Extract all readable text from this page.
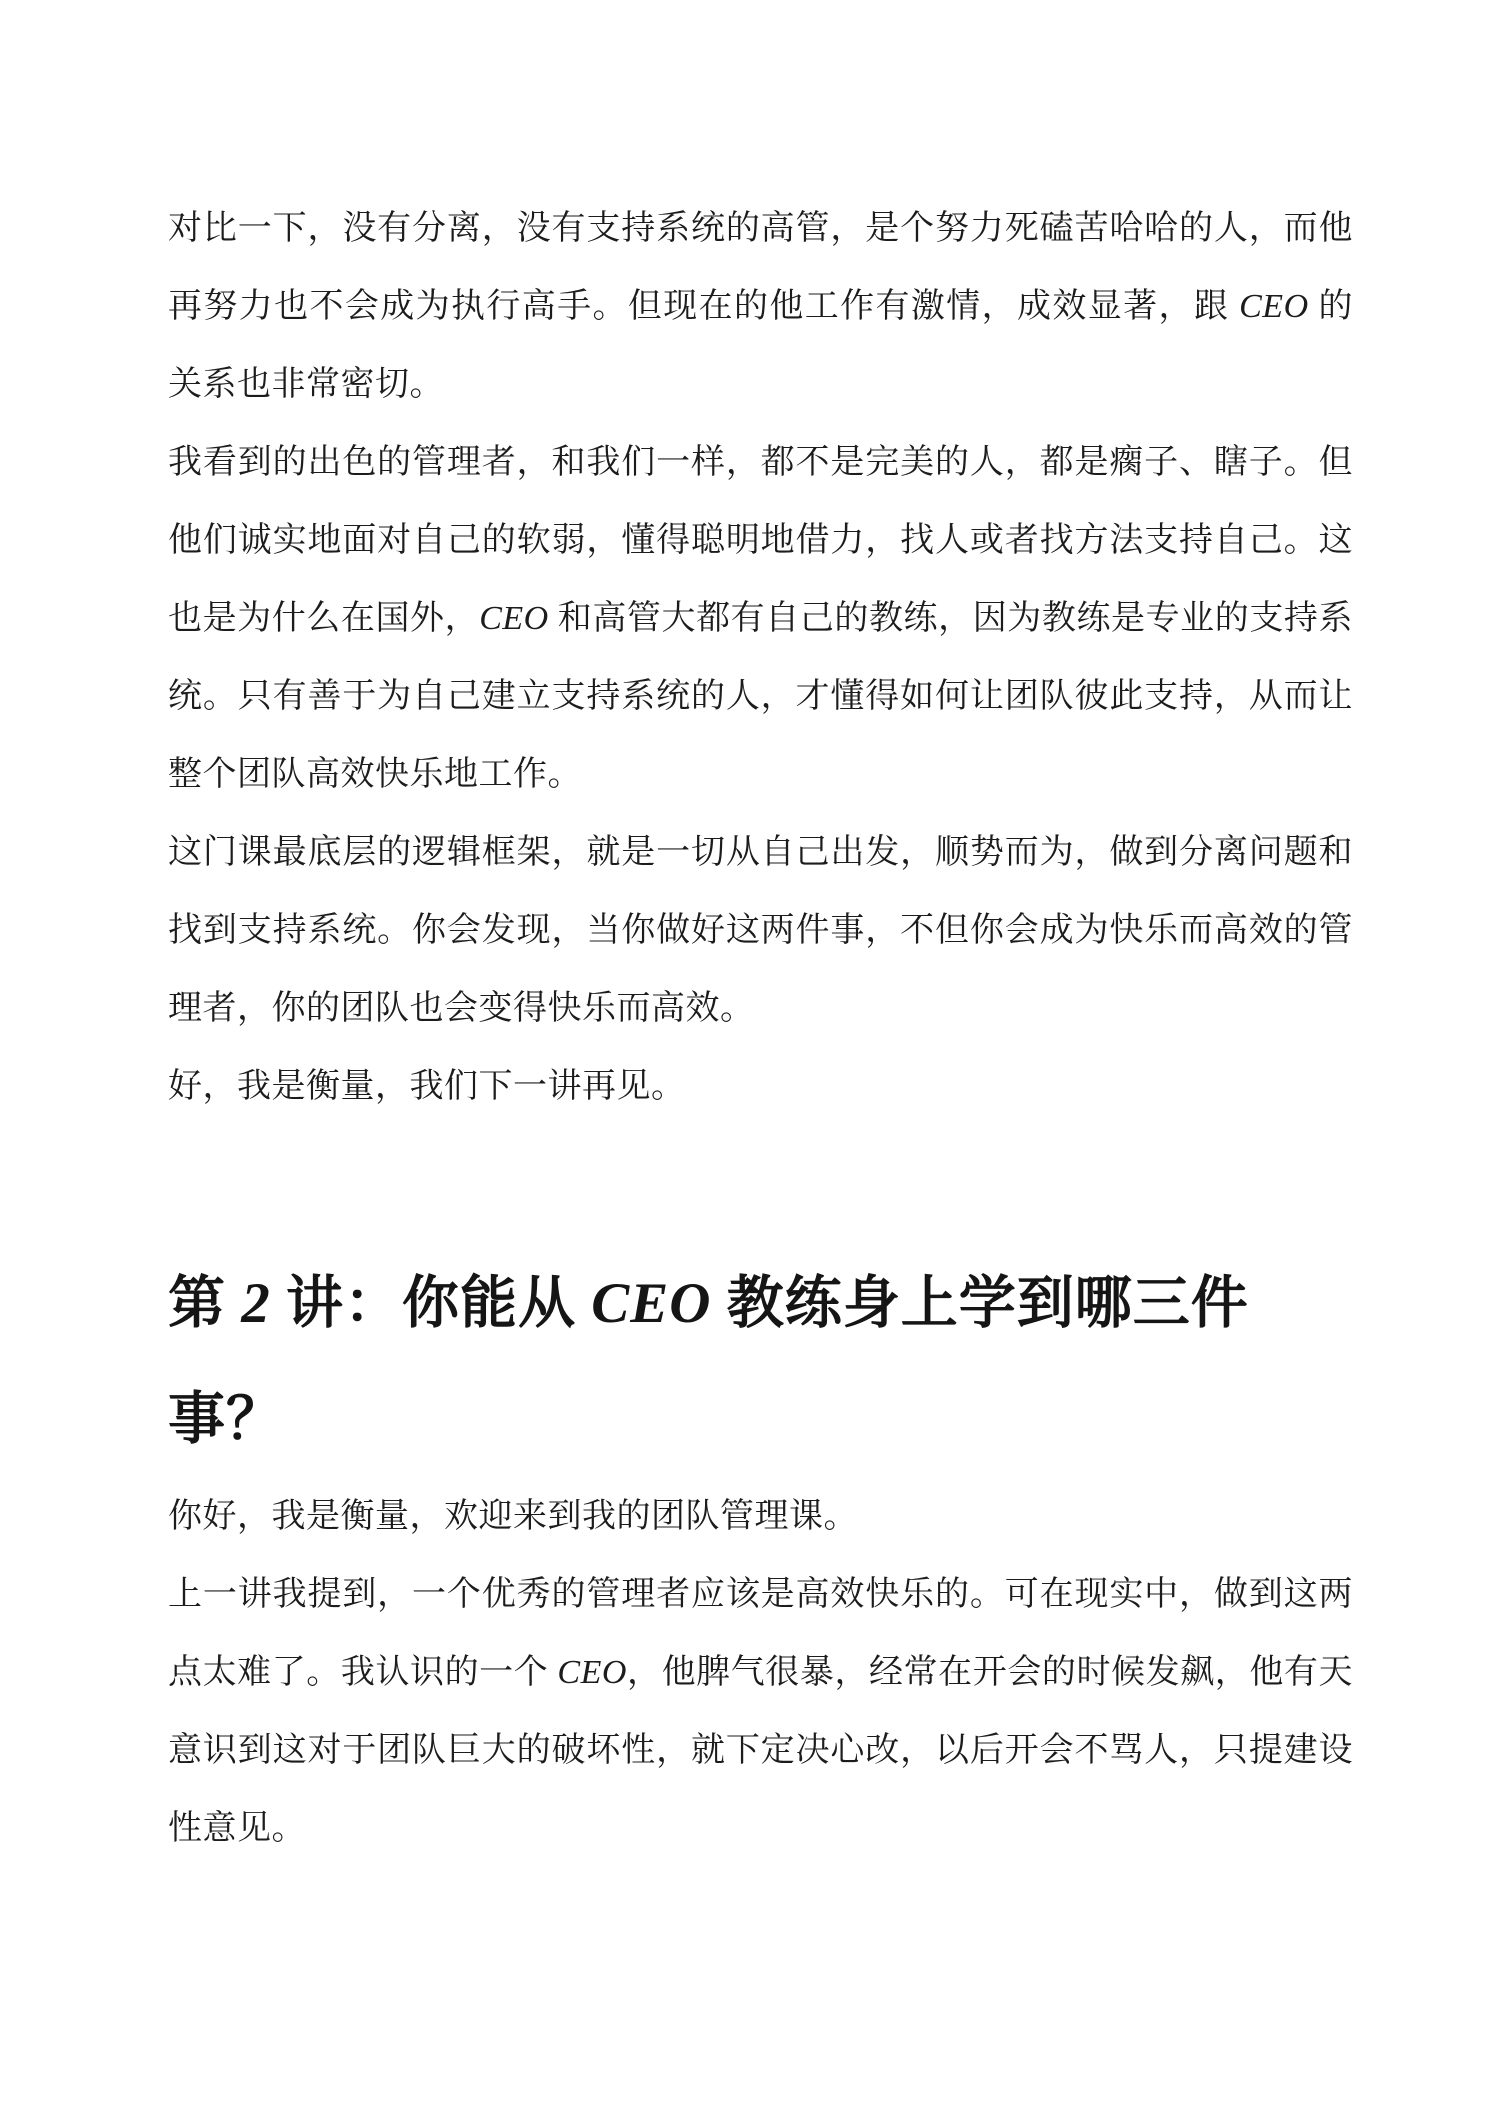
对比一下，没有分离，没有支持系统的高管，是个努力死磕苦哈哈的人，而他再努力也不会成为执行高手。但现在的他工作有激情，成效显著，跟 CEO 的关系也非常密切。

我看到的出色的管理者，和我们一样，都不是完美的人，都是瘸子、瞎子。但他们诚实地面对自己的软弱，懂得聪明地借力，找人或者找方法支持自己。这也是为什么在国外，CEO 和高管大都有自己的教练，因为教练是专业的支持系统。只有善于为自己建立支持系统的人，才懂得如何让团队彼此支持，从而让整个团队高效快乐地工作。

这门课最底层的逻辑框架，就是一切从自己出发，顺势而为，做到分离问题和找到支持系统。你会发现，当你做好这两件事，不但你会成为快乐而高效的管理者，你的团队也会变得快乐而高效。

好，我是衡量，我们下一讲再见。

第 2 讲：你能从 CEO 教练身上学到哪三件事？

你好，我是衡量，欢迎来到我的团队管理课。

上一讲我提到，一个优秀的管理者应该是高效快乐的。可在现实中，做到这两点太难了。我认识的一个 CEO，他脾气很暴，经常在开会的时候发飙，他有天意识到这对于团队巨大的破坏性，就下定决心改，以后开会不骂人，只提建设性意见。
